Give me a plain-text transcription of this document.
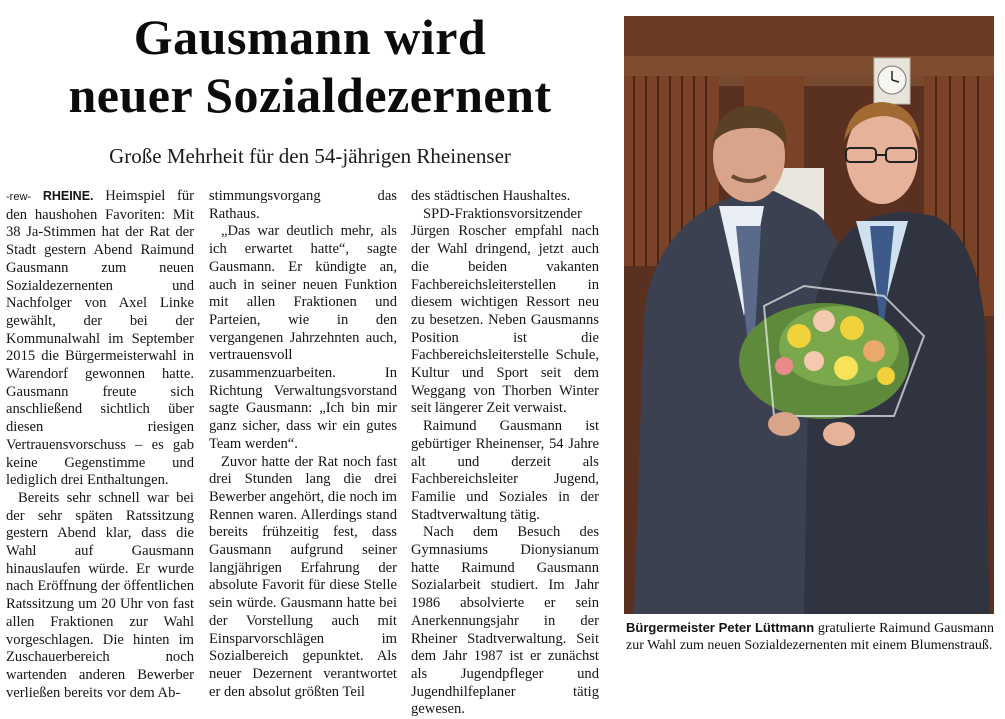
Gausmann wird
neuer Sozialdezernent
Große Mehrheit für den 54-jährigen Rheinenser

-rew- RHEINE. Heimspiel für den haushohen Favoriten: Mit 38 Ja-Stimmen hat der Rat der Stadt gestern Abend Raimund Gausmann zum neuen Sozialdezernenten und Nachfolger von Axel Linke gewählt, der bei der Kommunalwahl im September 2015 die Bürgermeisterwahl in Warendorf gewonnen hatte. Gausmann freute sich anschließend sichtlich über diesen riesigen Vertrauensvorschuss – es gab keine Gegenstimme und lediglich drei Enthaltungen.

Bereits sehr schnell war bei der sehr späten Ratssitzung gestern Abend klar, dass die Wahl auf Gausmann hinauslaufen würde. Er wurde nach Eröffnung der öffentlichen Ratssitzung um 20 Uhr von fast allen Fraktionen zur Wahl vorgeschlagen. Die hinten im Zuschauerbereich noch wartenden anderen Bewerber verließen bereits vor dem Ab-

stimmungsvorgang das Rathaus.

„Das war deutlich mehr, als ich erwartet hatte“, sagte Gausmann. Er kündigte an, auch in seiner neuen Funktion mit allen Fraktionen und Parteien, wie in den vergangenen Jahrzehnten auch, vertrauensvoll zusammenzuarbeiten. In Richtung Verwaltungsvorstand sagte Gausmann: „Ich bin mir ganz sicher, dass wir ein gutes Team werden“.

Zuvor hatte der Rat noch fast drei Stunden lang die drei Bewerber angehört, die noch im Rennen waren. Allerdings stand bereits frühzeitig fest, dass Gausmann aufgrund seiner langjährigen Erfahrung der absolute Favorit für diese Stelle sein würde. Gausmann hatte bei der Vorstellung auch mit Einsparvorschlägen im Sozialbereich gepunktet. Als neuer Dezernent verantwortet er den absolut größten Teil

des städtischen Haushaltes.

SPD-Fraktionsvorsitzender Jürgen Roscher empfahl nach der Wahl dringend, jetzt auch die beiden vakanten Fachbereichsleiterstellen in diesem wichtigen Ressort neu zu besetzen. Neben Gausmanns Position ist die Fachbereichsleiterstelle Schule, Kultur und Sport seit dem Weggang von Thorben Winter seit längerer Zeit verwaist.

Raimund Gausmann ist gebürtiger Rheinenser, 54 Jahre alt und derzeit als Fachbereichsleiter Jugend, Familie und Soziales in der Stadtverwaltung tätig.

Nach dem Besuch des Gymnasiums Dionysianum hatte Raimund Gausmann Sozialarbeit studiert. Im Jahr 1986 absolvierte er sein Anerkennungsjahr in der Rheiner Stadtverwaltung. Seit dem Jahr 1987 ist er zunächst als Jugendpfleger und Jugendhilfeplaner tätig gewesen.

Bürgermeister Peter Lüttmann gratulierte Raimund Gausmann zur Wahl zum neuen Sozialdezernenten mit einem Blumenstrauß.
